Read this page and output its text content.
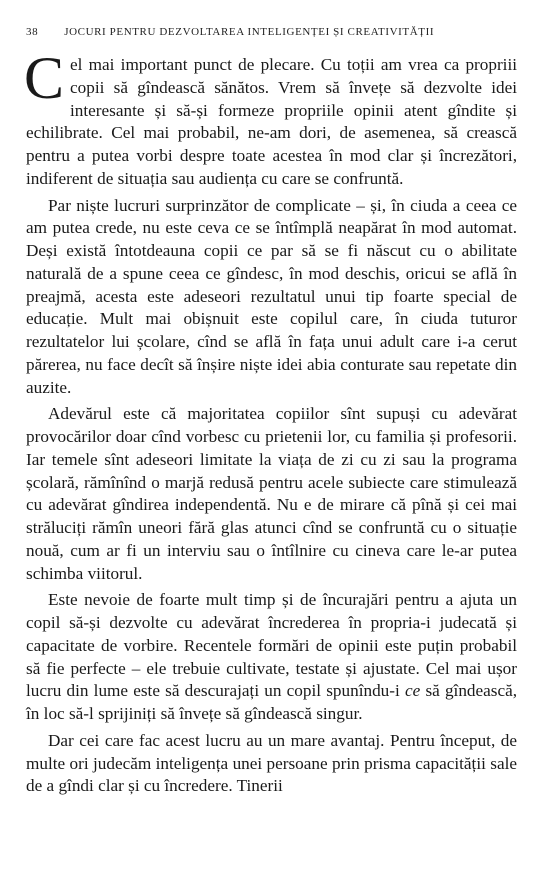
38 JOCURI PENTRU DEZVOLTAREA INTELIGENȚEI ȘI CREATIVITĂȚII

Cel mai important punct de plecare. Cu toții am vrea ca propriii copii să gîndească sănătos. Vrem să învețe să dezvolte idei interesante și să-și formeze propriile opinii atent gîndite și echilibrate. Cel mai probabil, ne-am dori, de asemenea, să crească pentru a putea vorbi despre toate acestea în mod clar și încrezători, indiferent de situația sau audiența cu care se confruntă.

Par niște lucruri surprinzător de complicate – și, în ciuda a ceea ce am putea crede, nu este ceva ce se întîmplă neapărat în mod automat. Deși există întotdeauna copii ce par să se fi născut cu o abilitate naturală de a spune ceea ce gîndesc, în mod deschis, oricui se află în preajmă, acesta este adeseori rezultatul unui tip foarte special de educație. Mult mai obișnuit este copilul care, în ciuda tuturor rezultatelor lui școlare, cînd se află în fața unui adult care i-a cerut părerea, nu face decît să înșire niște idei abia conturate sau repetate din auzite.

Adevărul este că majoritatea copiilor sînt supuși cu adevărat provocărilor doar cînd vorbesc cu prietenii lor, cu familia și profesorii. Iar temele sînt adeseori limitate la viața de zi cu zi sau la programa școlară, rămînînd o marjă redusă pentru acele subiecte care stimulează cu adevărat gîndirea independentă. Nu e de mirare că pînă și cei mai străluciți rămîn uneori fără glas atunci cînd se confruntă cu o situație nouă, cum ar fi un interviu sau o întîlnire cu cineva care le-ar putea schimba viitorul.

Este nevoie de foarte mult timp și de încurajări pentru a ajuta un copil să-și dezvolte cu adevărat încrederea în propria-i judecată și capacitate de vorbire. Recentele formări de opinii este puțin probabil să fie perfecte – ele trebuie cultivate, testate și ajustate. Cel mai ușor lucru din lume este să descurajați un copil spunîndu-i ce să gîndească, în loc să-l sprijiniți să învețe să gîndească singur.

Dar cei care fac acest lucru au un mare avantaj. Pentru început, de multe ori judecăm inteligența unei persoane prin prisma capacității sale de a gîndi clar și cu încredere. Tinerii
